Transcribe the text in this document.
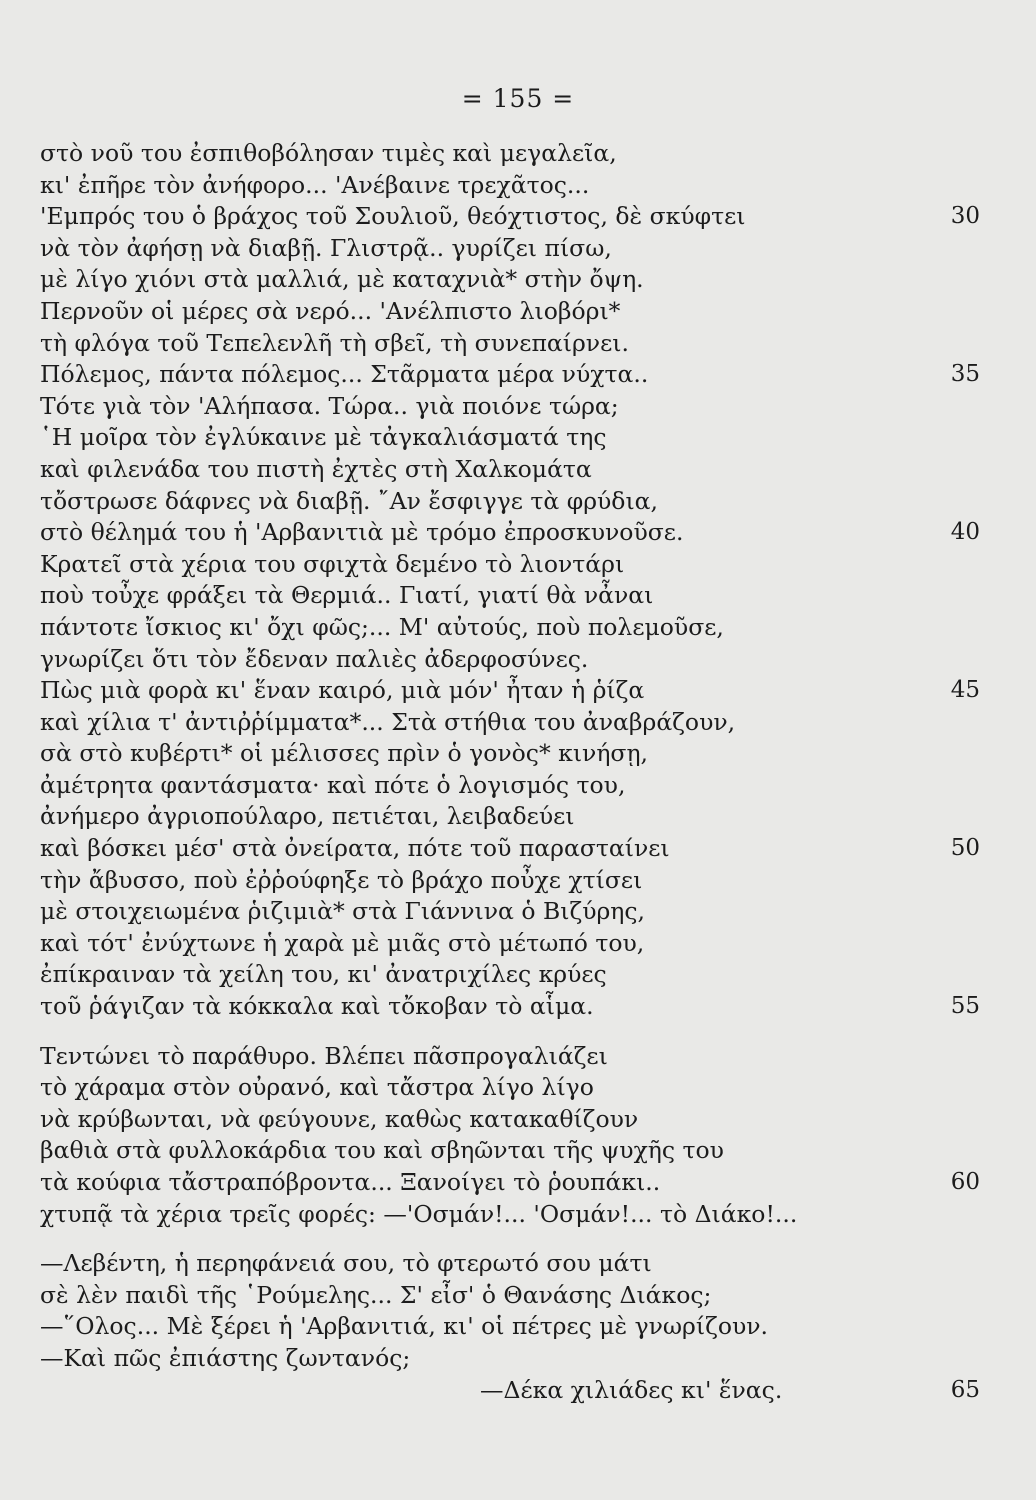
= 155 =
στὸ νοῦ του ἐσπιθοβόλησαν τιμὲς καὶ μεγαλεῖα,
κι' ἐπῆρε τὸν ἀνήφορο... 'Ανέβαινε τρεχᾶτος...
'Εμπρός του ὁ βράχος τοῦ Σουλιοῦ, θεόχτιστος, δὲ σκύφτει	30
νὰ τὸν ἀφήσῃ νὰ διαβῇ. Γλιστρᾷ.. γυρίζει πίσω,
μὲ λίγο χιόνι στὰ μαλλιά, μὲ καταχνιὰ* στὴν ὄψη.
Περνοῦν οἱ μέρες σὰ νερό... 'Ανέλπιστο λιοβόρι*
τὴ φλόγα τοῦ Τεπελενλῆ τὴ σβεῖ, τὴ συνεπαίρνει.
Πόλεμος, πάντα πόλεμος... Στᾶρματα μέρα νύχτα..	35
Τότε γιὰ τὸν 'Αλήπασα. Τώρα.. γιὰ ποιόνε τώρα;
῾Η μοῖρα τὸν ἐγλύκαινε μὲ τἀγκαλιάσματά της
καὶ φιλενάδα του πιστὴ ἐχτὲς στὴ Χαλκομάτα
τὄστρωσε δάφνες νὰ διαβῇ. ῎Αν ἔσφιγγε τὰ φρύδια,
στὸ θέλημά του ἡ 'Αρβανιτιὰ μὲ τρόμο ἐπροσκυνοῦσε.	40
Κρατεῖ στὰ χέρια του σφιχτὰ δεμένο τὸ λιοντάρι
ποὺ τοὖχε φράξει τὰ Θερμιά.. Γιατί, γιατί θὰ νἆναι
πάντοτε ἴσκιος κι' ὄχι φῶς;... Μ' αὐτούς, ποὺ πολεμοῦσε,
γνωρίζει ὅτι τὸν ἔδεναν παλιὲς ἀδερφοσύνες.
Πὼς μιὰ φορὰ κι' ἕναν καιρό, μιὰ μόν' ἦταν ἡ ῥίζα	45
καὶ χίλια τ' ἀντιῤῥίμματα*... Στὰ στήθια του ἀναβράζουν,
σὰ στὸ κυβέρτι* οἱ μέλισσες πρὶν ὁ γονὸς* κινήσῃ,
ἀμέτρητα φαντάσματα· καὶ πότε ὁ λογισμός του,
ἀνήμερο ἀγριοπούλαρο, πετιέται, λειβαδεύει
καὶ βόσκει μέσ' στὰ ὀνείρατα, πότε τοῦ παρασταίνει	50
τὴν ἄβυσσο, ποὺ ἐῤῥούφηξε τὸ βράχο ποὖχε χτίσει
μὲ στοιχειωμένα ῥιζιμιὰ* στὰ Γιάννινα ὁ Βιζύρης,
καὶ τότ' ἐνύχτωνε ἡ χαρὰ μὲ μιᾶς στὸ μέτωπό του,
ἐπίκραιναν τὰ χείλη του, κι' ἀνατριχίλες κρύες
τοῦ ῥάγιζαν τὰ κόκκαλα καὶ τὄκοβαν τὸ αἷμα.	55
Τεντώνει τὸ παράθυρο. Βλέπει πᾶσπρογαλιάζει
τὸ χάραμα στὸν οὐρανό, καὶ τἄστρα λίγο λίγο
νὰ κρύβωνται, νὰ φεύγουνε, καθὼς κατακαθίζουν
βαθιὰ στὰ φυλλοκάρδια του καὶ σβηῶνται τῆς ψυχῆς του
τὰ κούφια τἄστραπόβροντα... Ξανοίγει τὸ ῥουπάκι..	60
χτυπᾷ τὰ χέρια τρεῖς φορές: —'Οσμάν!... 'Οσμάν!... τὸ Διάκο!...
—Λεβέντη, ἡ περηφάνειά σου, τὸ φτερωτό σου μάτι
σὲ λὲν παιδὶ τῆς ῾Ρούμελης... Σ' εἶσ' ὁ Θανάσης Διάκος;
—῞Ολος... Μὲ ξέρει ἡ 'Αρβανιτιά, κι' οἱ πέτρες μὲ γνωρίζουν.
—Καὶ πῶς ἐπιάστης ζωντανός;
—Δέκα χιλιάδες κι' ἕνας.	65
